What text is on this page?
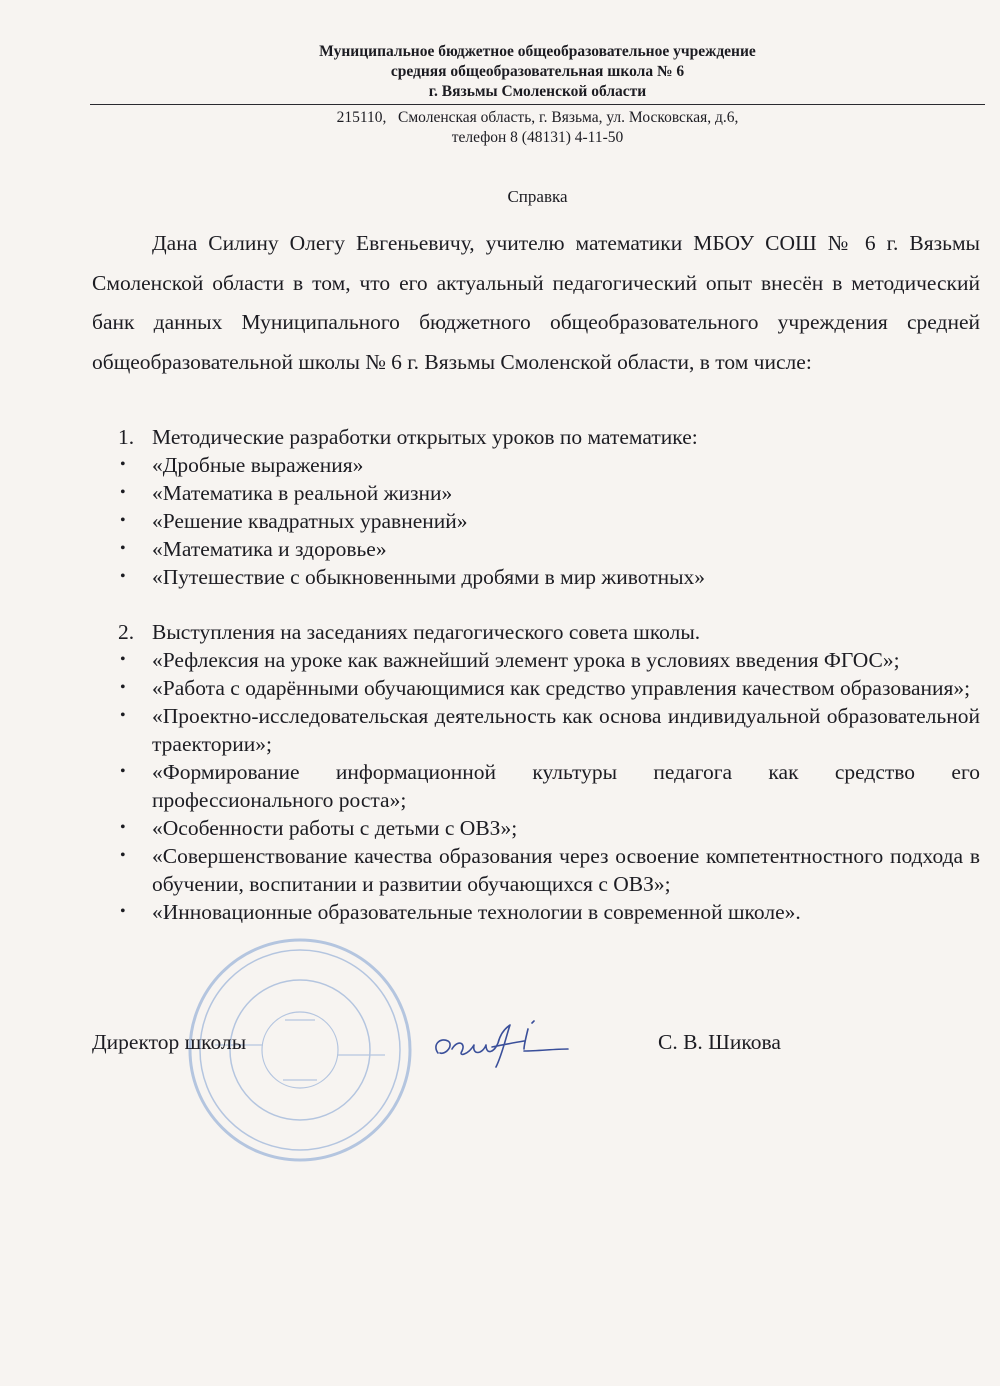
Муниципальное бюджетное общеобразовательное учреждение
средняя общеобразовательная школа № 6
г. Вязьмы Смоленской области
215110,   Смоленская область, г. Вязьма, ул. Московская, д.6,
телефон 8 (48131) 4-11-50
Справка
Дана Силину Олегу Евгеньевичу, учителю математики МБОУ СОШ № 6 г. Вязьмы Смоленской области в том, что его актуальный педагогический опыт внесён в методический банк данных Муниципального бюджетного общеобразовательного учреждения средней общеобразовательной школы № 6 г. Вязьмы Смоленской области, в том числе:
1. Методические разработки открытых уроков по математике:
• «Дробные выражения»
• «Математика в реальной жизни»
• «Решение квадратных уравнений»
• «Математика и здоровье»
• «Путешествие с обыкновенными дробями в мир животных»
2. Выступления на заседаниях педагогического совета школы.
• «Рефлексия на уроке как важнейший элемент урока в условиях введения ФГОС»;
• «Работа с одарёнными обучающимися как средство управления качеством образования»;
• «Проектно-исследовательская деятельность как основа индивидуальной образовательной траектории»;
• «Формирование информационной культуры педагога как средство его профессионального роста»;
• «Особенности работы с детьми с ОВЗ»;
• «Совершенствование качества образования через освоение компетентностного подхода в обучении, воспитании и развитии обучающихся с ОВЗ»;
• «Инновационные образовательные технологии в современной школе».
Директор школы	С. В. Шикова
